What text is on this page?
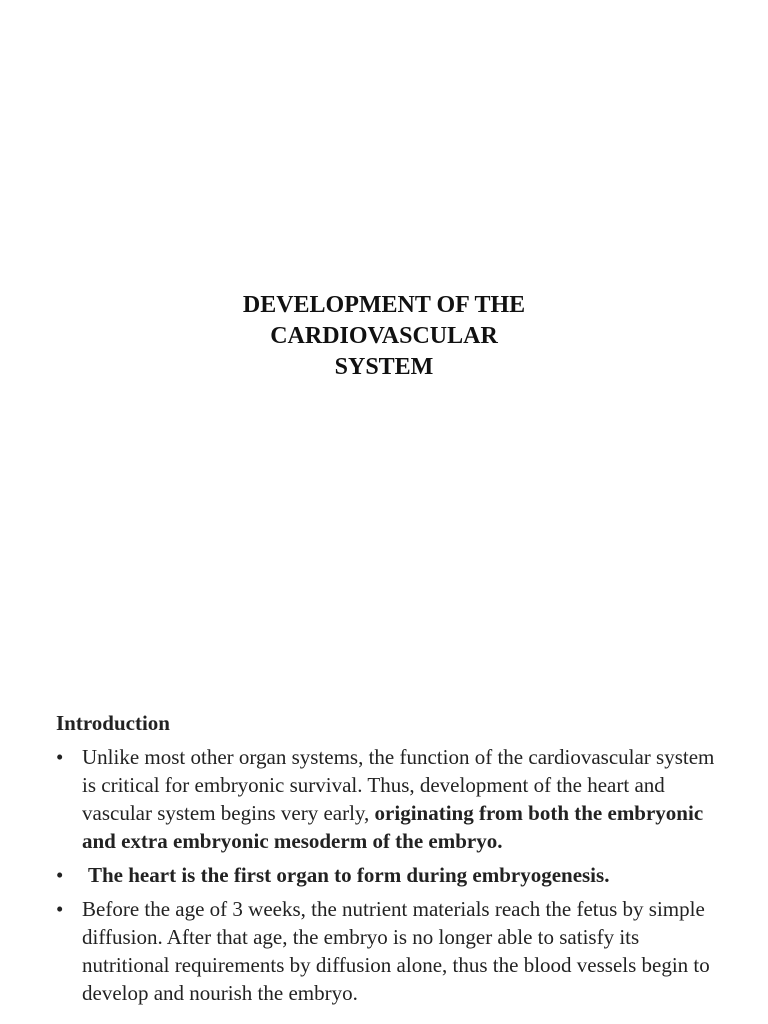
DEVELOPMENT OF THE
CARDIOVASCULAR
SYSTEM
Introduction
• Unlike most other organ systems, the function of the cardiovascular system is critical for embryonic survival. Thus, development of the heart and vascular system begins very early, originating from both the embryonic and extra embryonic mesoderm of the embryo.
• The heart is the first organ to form during embryogenesis.
• Before the age of 3 weeks, the nutrient materials reach the fetus by simple diffusion. After that age, the embryo is no longer able to satisfy its nutritional requirements by diffusion alone, thus the blood vessels begin to develop and nourish the embryo.
